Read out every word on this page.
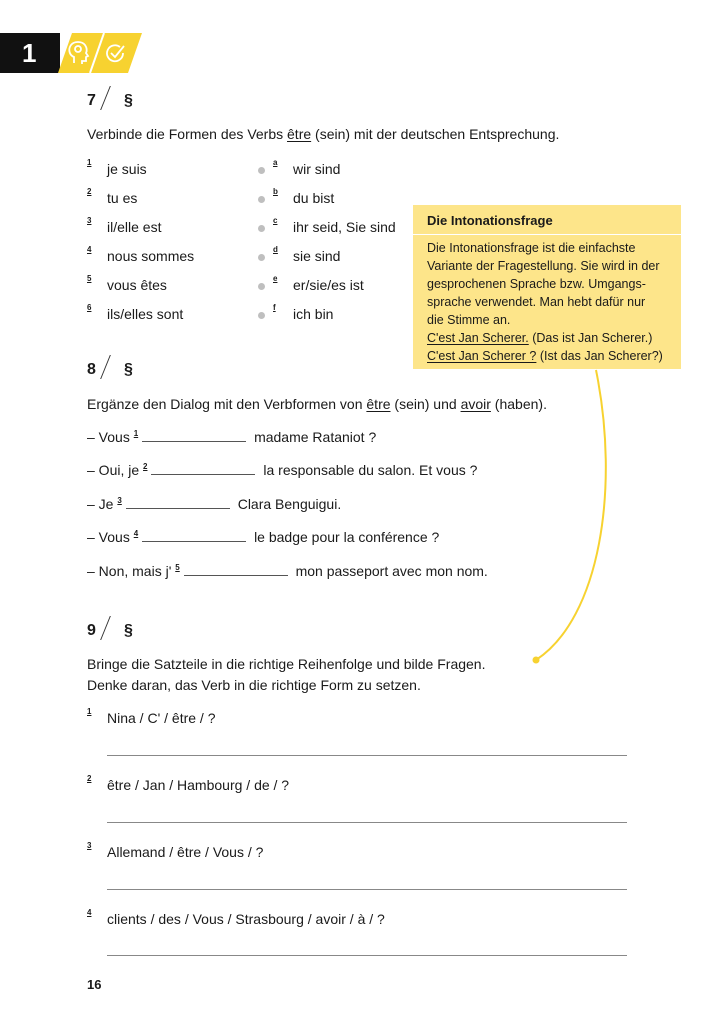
1
7 §
Verbinde die Formen des Verbs être (sein) mit der deutschen Entsprechung.
1 je suis
2 tu es
3 il/elle est
4 nous sommes
5 vous êtes
6 ils/elles sont
a wir sind
b du bist
c ihr seid, Sie sind
d sie sind
e er/sie/es ist
f ich bin
Die Intonationsfrage
Die Intonationsfrage ist die einfachste
Variante der Fragestellung. Sie wird in der
gesprochenen Sprache bzw. Umgangs-
sprache verwendet. Man hebt dafür nur
die Stimme an.
C'est Jan Scherer. (Das ist Jan Scherer.)
C'est Jan Scherer ? (Ist das Jan Scherer?)
8 §
Ergänze den Dialog mit den Verbformen von être (sein) und avoir (haben).
– Vous $^1$	madame Rataniot ?
– Oui, je $^2$	la responsable du salon. Et vous ?
– Je $^3$	Clara Benguigui.
– Vous $^4$	le badge pour la conférence ?
– Non, mais j' $^5$	mon passeport avec mon nom.
9 §
Bringe die Satzteile in die richtige Reihenfolge und bilde Fragen.
Denke daran, das Verb in die richtige Form zu setzen.
1 Nina / C' / être / ?
2 être / Jan / Hambourg / de / ?
3 Allemand / être / Vous / ?
4 clients / des / Vous / Strasbourg / avoir / à / ?
16
